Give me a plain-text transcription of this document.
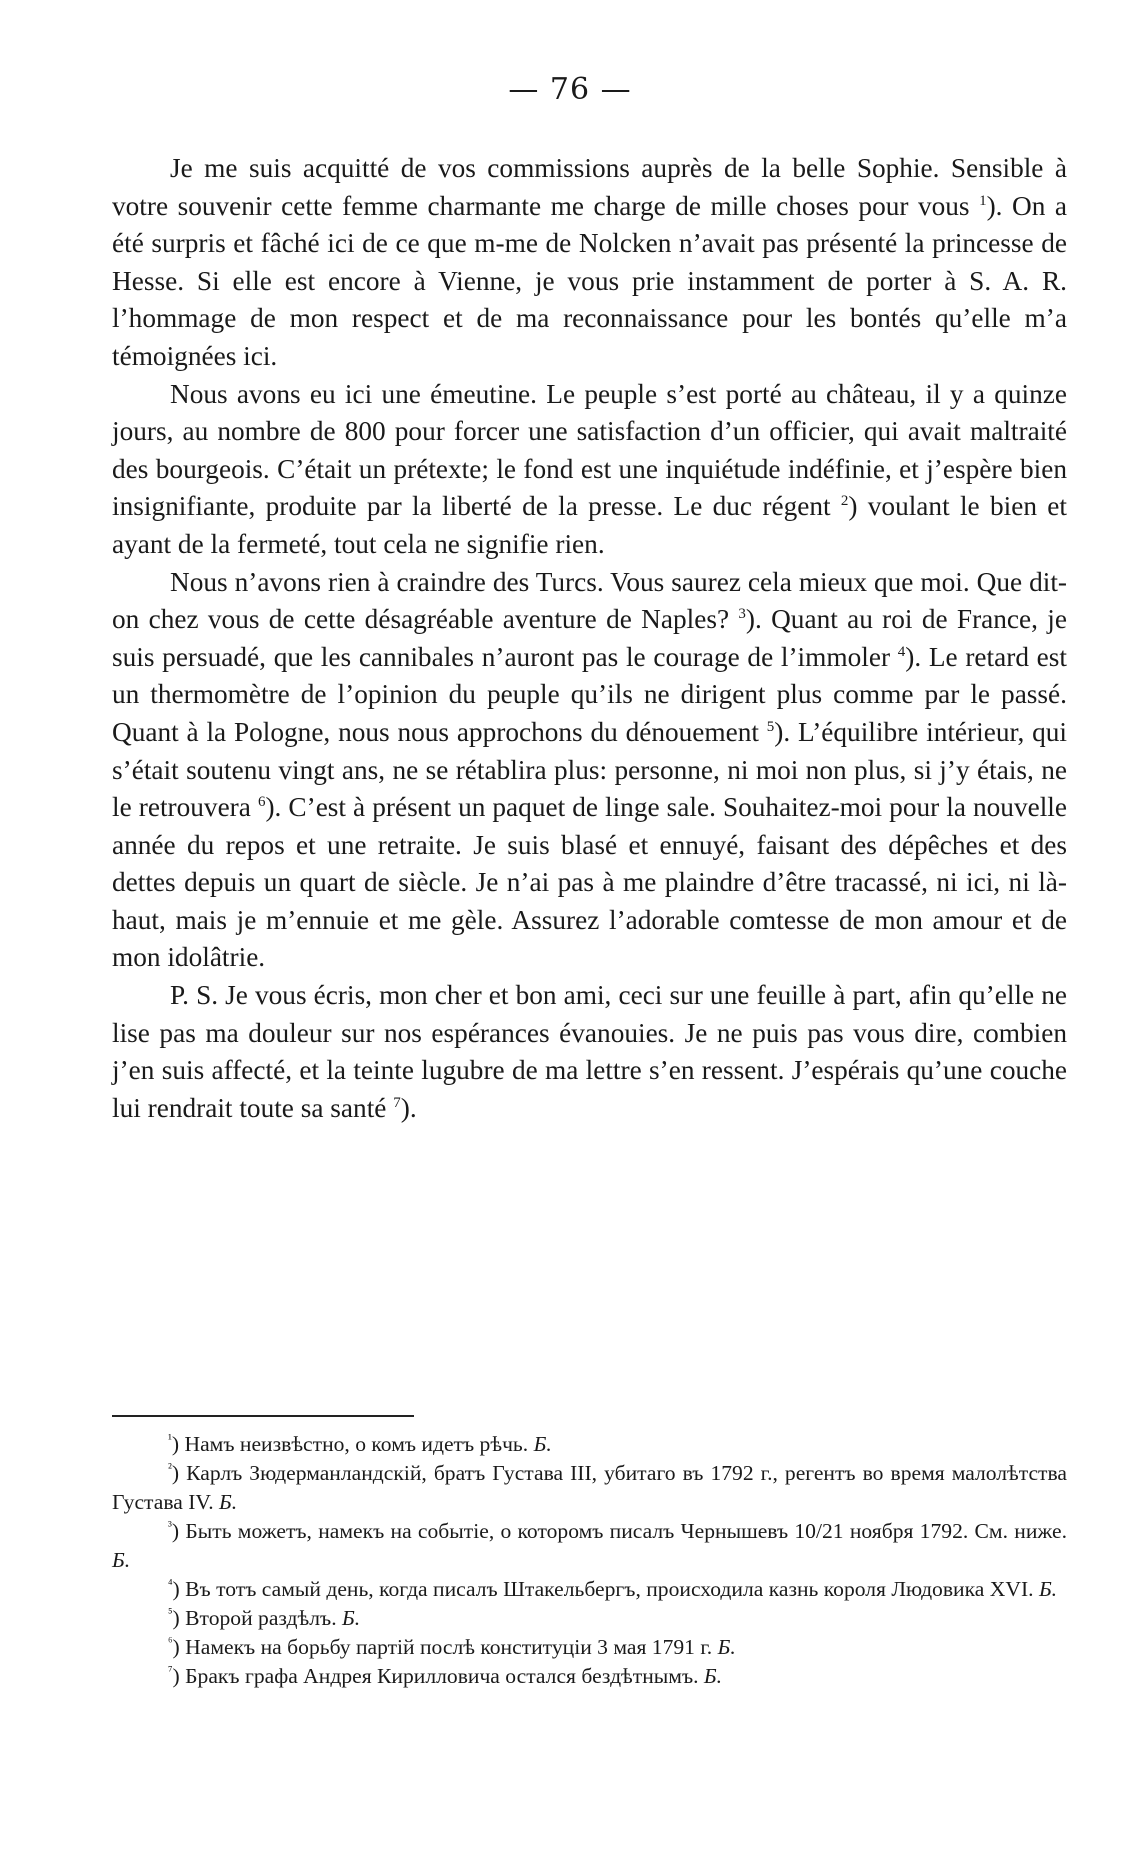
— 76 —

Je me suis acquitté de vos commissions auprès de la belle Sophie. Sensible à votre souvenir cette femme charmante me charge de mille choses pour vous $^1$). On a été surpris et fâché ici de ce que m-me de Nolcken n’avait pas présenté la princesse de Hesse. Si elle est encore à Vienne, je vous prie instamment de porter à S. A. R. l’hommage de mon respect et de ma reconnaissance pour les bontés qu’elle m’a témoignées ici.

Nous avons eu ici une émeutine. Le peuple s’est porté au château, il y a quinze jours, au nombre de 800 pour forcer une satisfaction d’un officier, qui avait maltraité des bourgeois. C’était un prétexte; le fond est une inquiétude indéfinie, et j’espère bien insignifiante, produite par la liberté de la presse. Le duc régent $^2$) voulant le bien et ayant de la fermeté, tout cela ne signifie rien.

Nous n’avons rien à craindre des Turcs. Vous saurez cela mieux que moi. Que dit-on chez vous de cette désagréable aventure de Naples? $^3$). Quant au roi de France, je suis persuadé, que les cannibales n’auront pas le courage de l’immoler $^4$). Le retard est un thermomètre de l’opinion du peuple qu’ils ne dirigent plus comme par le passé. Quant à la Pologne, nous nous approchons du dénouement $^5$). L’équilibre intérieur, qui s’était soutenu vingt ans, ne se rétablira plus: personne, ni moi non plus, si j’y étais, ne le retrouvera $^6$). C’est à présent un paquet de linge sale. Souhaitez-moi pour la nouvelle année du repos et une retraite. Je suis blasé et ennuyé, faisant des dépêches et des dettes depuis un quart de siècle. Je n’ai pas à me plaindre d’être tracassé, ni ici, ni là-haut, mais je m’ennuie et me gèle. Assurez l’adorable comtesse de mon amour et de mon idolâtrie.

P. S. Je vous écris, mon cher et bon ami, ceci sur une feuille à part, afin qu’elle ne lise pas ma douleur sur nos espérances évanouies. Je ne puis pas vous dire, combien j’en suis affecté, et la teinte lugubre de ma lettre s’en ressent. J’espérais qu’une couche lui rendrait toute sa santé $^7$).

$^{^1}$) Намъ неизвѣстно, о комъ идетъ рѣчь. Б.

$^{^2}$) Карлъ Зюдерманландскій, братъ Густава III, убитаго въ 1792 г., регентъ во время малолѣтства Густава IV. Б.

$^{^3}$) Быть можетъ, намекъ на событіе, о которомъ писалъ Чернышевъ 10/21 ноября 1792. См. ниже. Б.

$^{^4}$) Въ тотъ самый день, когда писалъ Штакельбергъ, происходила казнь короля Людовика XVI. Б.

$^{^5}$) Второй раздѣлъ. Б.

$^{^6}$) Намекъ на борьбу партій послѣ конституціи 3 мая 1791 г. Б.

$^{^7}$) Бракъ графа Андрея Кирилловича остался бездѣтнымъ. Б.
